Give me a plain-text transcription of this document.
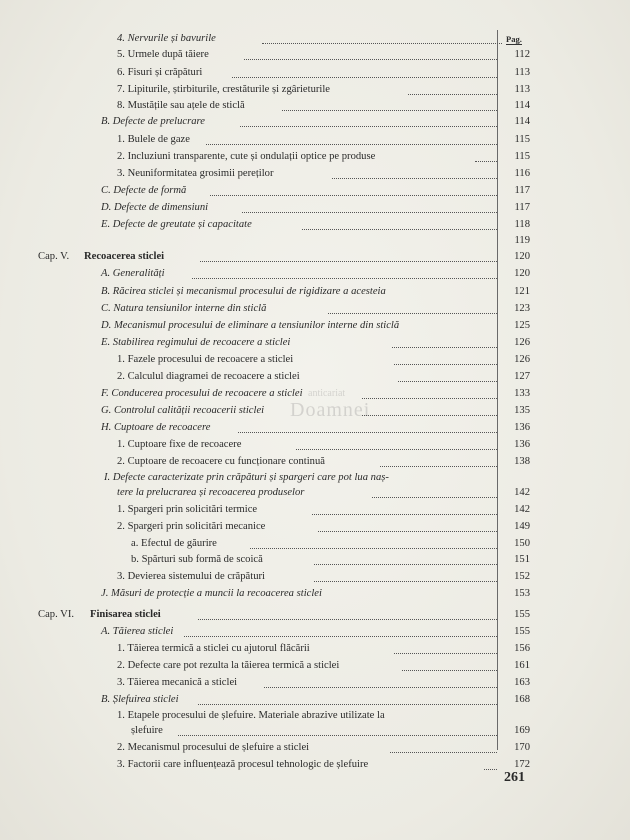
Pag.
anticariat
Doamnei
4. Nervurile și bavurile
5. Urmele după tăiere	112
6. Fisuri și crăpături	113
7. Lipiturile, știrbiturile, crestăturile și zgârieturile	113
8. Mustățile sau ațele de sticlă	114
B. Defecte de prelucrare	114
1. Bulele de gaze	115
2. Incluziuni transparente, cute și ondulații optice pe produse	115
3. Neuniformitatea grosimii pereților	116
C. Defecte de formă	117
D. Defecte de dimensiuni	117
E. Defecte de greutate și capacitate	118
119
Cap. V. Recoacerea sticlei	120
A. Generalități	120
B. Răcirea sticlei și mecanismul procesului de rigidizare a acesteia	121
C. Natura tensiunilor interne din sticlă	123
D. Mecanismul procesului de eliminare a tensiunilor interne din sticlă	125
E. Stabilirea regimului de recoacere a sticlei	126
1. Fazele procesului de recoacere a sticlei	126
2. Calculul diagramei de recoacere a sticlei	127
F. Conducerea procesului de recoacere a sticlei	133
G. Controlul calității recoacerii sticlei	135
H. Cuptoare de recoacere	136
1. Cuptoare fixe de recoacere	136
2. Cuptoare de recoacere cu funcționare continuă	138
I. Defecte caracterizate prin crăpături și spargeri care pot lua naș-
tere la prelucrarea și recoacerea produselor	142
1. Spargeri prin solicitări termice	142
2. Spargeri prin solicitări mecanice	149
a. Efectul de găurire	150
b. Spărturi sub formă de scoică	151
3. Devierea sistemului de crăpături	152
J. Măsuri de protecție a muncii la recoacerea sticlei	153
Cap. VI. Finisarea sticlei	155
A. Tăierea sticlei	155
1. Tăierea termică a sticlei cu ajutorul flăcării	156
2. Defecte care pot rezulta la tăierea termică a sticlei	161
3. Tăierea mecanică a sticlei	163
B. Șlefuirea sticlei	168
1. Etapele procesului de șlefuire. Materiale abrazive utilizate la
șlefuire	169
2. Mecanismul procesului de șlefuire a sticlei	170
3. Factorii care influențează procesul tehnologic de șlefuire	172
261
